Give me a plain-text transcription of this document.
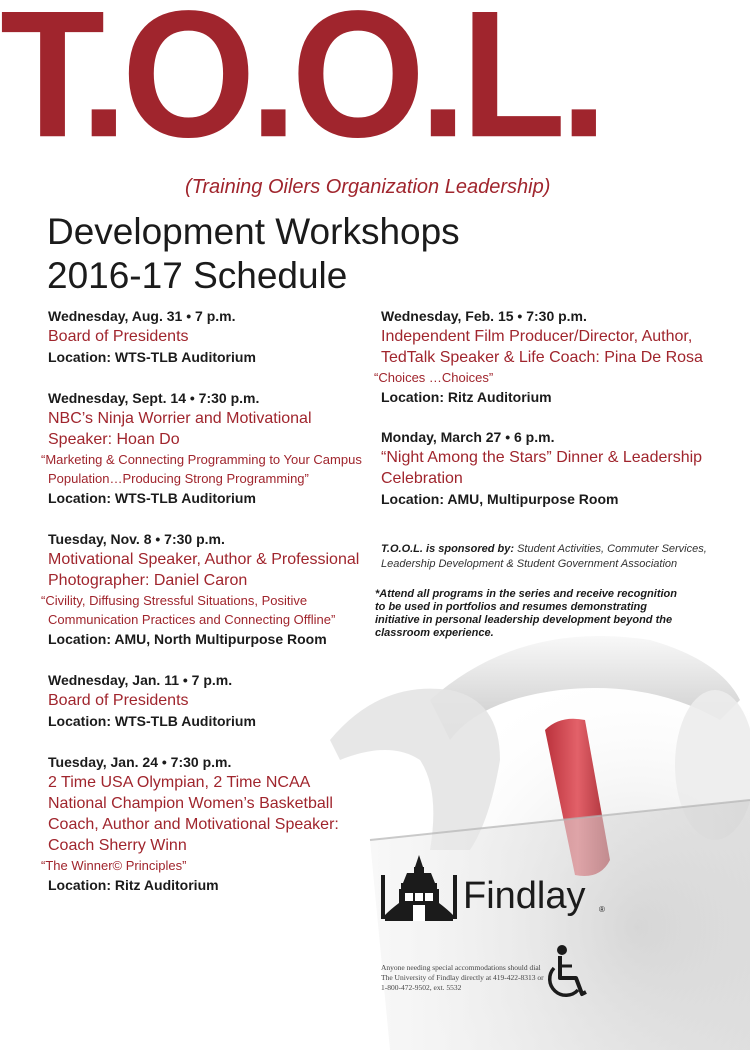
T.O.O.L.
(Training Oilers Organization Leadership)
Development Workshops
2016-17 Schedule
Wednesday, Aug. 31 • 7 p.m.
Board of Presidents
Location: WTS-TLB Auditorium
Wednesday, Sept. 14 • 7:30 p.m.
NBC’s Ninja Worrier and Motivational Speaker: Hoan Do
“Marketing & Connecting Programming to Your Campus Population…Producing Strong Programming”
Location: WTS-TLB Auditorium
Tuesday, Nov. 8 • 7:30 p.m.
Motivational Speaker, Author & Professional Photographer: Daniel Caron
“Civility, Diffusing Stressful Situations, Positive Communication Practices and Connecting Offline”
Location: AMU, North Multipurpose Room
Wednesday, Jan. 11 • 7 p.m.
Board of Presidents
Location: WTS-TLB Auditorium
Tuesday, Jan. 24 • 7:30 p.m.
2 Time USA Olympian, 2 Time NCAA National Champion Women’s Basketball Coach, Author and Motivational Speaker: Coach Sherry Winn
“The Winner© Principles”
Location: Ritz Auditorium
Wednesday, Feb. 15 • 7:30 p.m.
Independent Film Producer/Director, Author, TedTalk Speaker & Life Coach: Pina De Rosa
“Choices …Choices”
Location: Ritz Auditorium
Monday, March 27 • 6 p.m.
“Night Among the Stars” Dinner & Leadership Celebration
Location: AMU, Multipurpose Room
T.O.O.L. is sponsored by: Student Activities, Commuter Services, Leadership Development & Student Government Association
*Attend all programs in the series and receive recognition to be used in portfolios and resumes demonstrating initiative in personal leadership development beyond the classroom experience.
Findlay ®
Anyone needing special accommodations should dial The University of Findlay directly at 419-422-8313 or 1-800-472-9502, ext. 5532
